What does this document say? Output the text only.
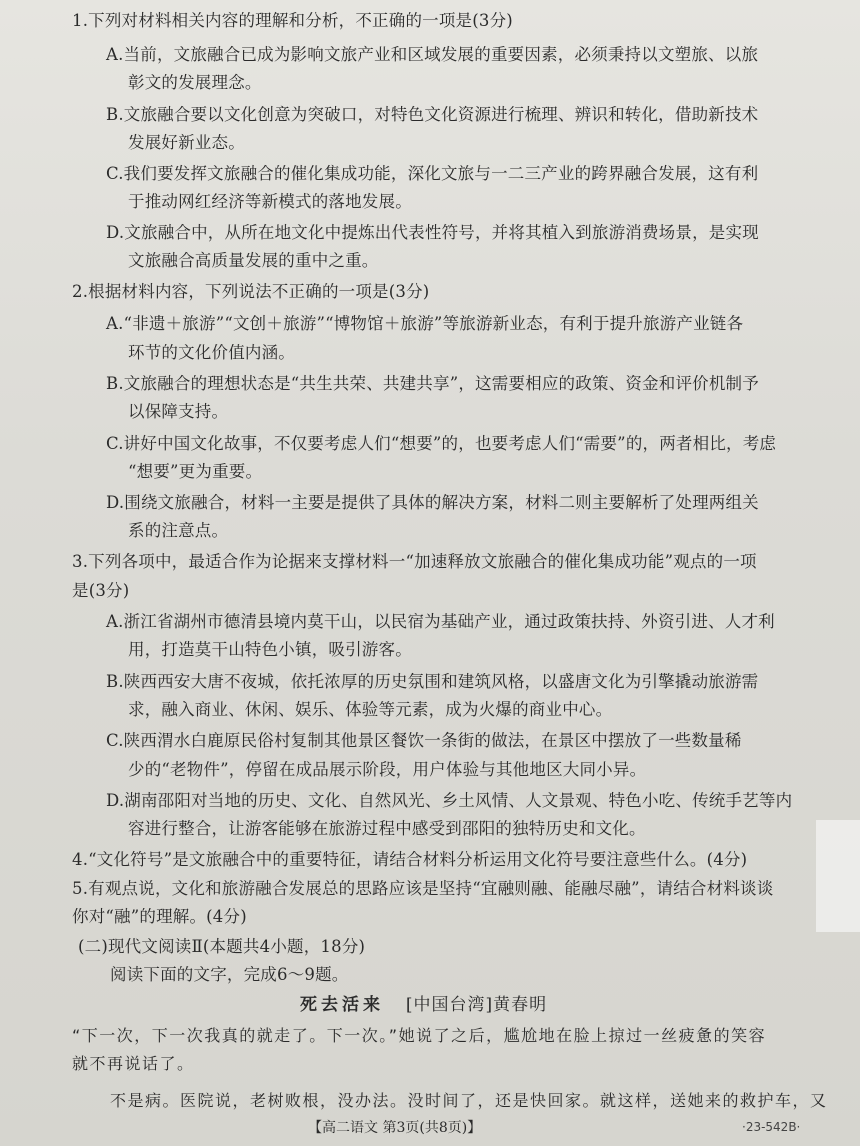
1.下列对材料相关内容的理解和分析，不正确的一项是(3分)
A.当前，文旅融合已成为影响文旅产业和区域发展的重要因素，必须秉持以文塑旅、以旅
彰文的发展理念。
B.文旅融合要以文化创意为突破口，对特色文化资源进行梳理、辨识和转化，借助新技术
发展好新业态。
C.我们要发挥文旅融合的催化集成功能，深化文旅与一二三产业的跨界融合发展，这有利
于推动网红经济等新模式的落地发展。
D.文旅融合中，从所在地文化中提炼出代表性符号，并将其植入到旅游消费场景，是实现
文旅融合高质量发展的重中之重。
2.根据材料内容，下列说法不正确的一项是(3分)
A.“非遗＋旅游”“文创＋旅游”“博物馆＋旅游”等旅游新业态，有利于提升旅游产业链各
环节的文化价值内涵。
B.文旅融合的理想状态是“共生共荣、共建共享”，这需要相应的政策、资金和评价机制予
以保障支持。
C.讲好中国文化故事，不仅要考虑人们“想要”的，也要考虑人们“需要”的，两者相比，考虑
“想要”更为重要。
D.围绕文旅融合，材料一主要是提供了具体的解决方案，材料二则主要解析了处理两组关
系的注意点。
3.下列各项中，最适合作为论据来支撑材料一“加速释放文旅融合的催化集成功能”观点的一项
是(3分)
A.浙江省湖州市德清县境内莫干山，以民宿为基础产业，通过政策扶持、外资引进、人才利
用，打造莫干山特色小镇，吸引游客。
B.陕西西安大唐不夜城，依托浓厚的历史氛围和建筑风格，以盛唐文化为引擎撬动旅游需
求，融入商业、休闲、娱乐、体验等元素，成为火爆的商业中心。
C.陕西渭水白鹿原民俗村复制其他景区餐饮一条街的做法，在景区中摆放了一些数量稀
少的“老物件”，停留在成品展示阶段，用户体验与其他地区大同小异。
D.湖南邵阳对当地的历史、文化、自然风光、乡土风情、人文景观、特色小吃、传统手艺等内
容进行整合，让游客能够在旅游过程中感受到邵阳的独特历史和文化。
4.“文化符号”是文旅融合中的重要特征，请结合材料分析运用文化符号要注意些什么。(4分)
5.有观点说，文化和旅游融合发展总的思路应该是坚持“宜融则融、能融尽融”，请结合材料谈谈
你对“融”的理解。(4分)
(二)现代文阅读Ⅱ(本题共4小题，18分)
阅读下面的文字，完成6～9题。
“下一次，下一次我真的就走了。下一次。”她说了之后，尴尬地在脸上掠过一丝疲惫的笑容
就不再说话了。
不是病。医院说，老树败根，没办法。没时间了，还是快回家。就这样，送她来的救护车，又
死去活来 [中国台湾]黄春明
【高二语文 第3页(共8页)】	·23-542B·
